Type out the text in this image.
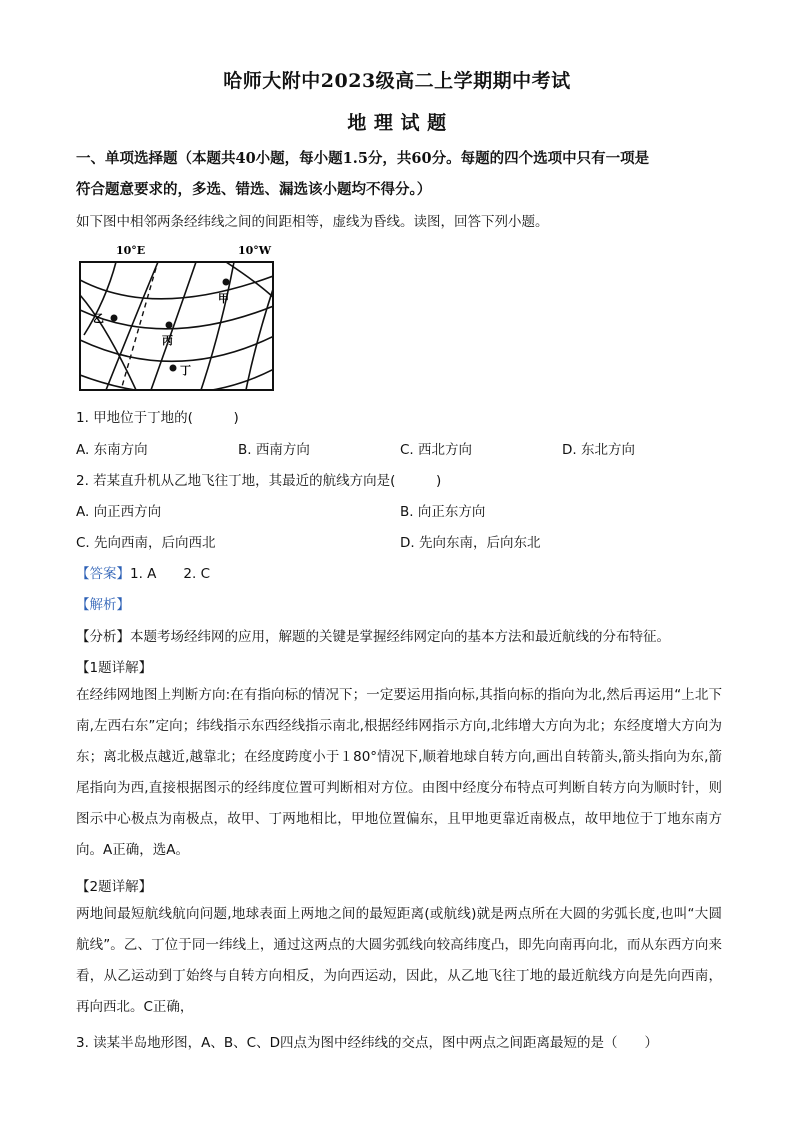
哈师大附中2023级高二上学期期中考试
地 理 试 题
一、单项选择题（本题共40小题，每小题1.5分，共60分。每题的四个选项中只有一项是
符合题意要求的，多选、错选、漏选该小题均不得分。）
如下图中相邻两条经纬线之间的间距相等，虚线为昏线。读图，回答下列小题。
10°E	10°W
甲
乙
丙
丁
1. 甲地位于丁地的(　　　)
A. 东南方向	B. 西南方向	C. 西北方向	D. 东北方向
2. 若某直升机从乙地飞往丁地，其最近的航线方向是(　　　)
A. 向正西方向	B. 向正东方向
C. 先向西南，后向西北	D. 先向东南，后向东北
【答案】1. A　　2. C
【解析】
【分析】本题考场经纬网的应用，解题的关键是掌握经纬网定向的基本方法和最近航线的分布特征。
【1题详解】
在经纬网地图上判断方向:在有指向标的情况下；一定要运用指向标,其指向标的指向为北,然后再运用“上北下南,左西右东”定向；纬线指示东西经线指示南北,根据经纬网指示方向,北纬增大方向为北；东经度增大方向为东；离北极点越近,越靠北；在经度跨度小于１80°情况下,顺着地球自转方向,画出自转箭头,箭头指向为东,箭尾指向为西,直接根据图示的经纬度位置可判断相对方位。由图中经度分布特点可判断自转方向为顺时针，则图示中心极点为南极点，故甲、丁两地相比，甲地位置偏东，且甲地更靠近南极点，故甲地位于丁地东南方向。A正确，选A。
【2题详解】
两地间最短航线航向问题,地球表面上两地之间的最短距离(或航线)就是两点所在大圆的劣弧长度,也叫“大圆航线”。乙、丁位于同一纬线上，通过这两点的大圆劣弧线向较高纬度凸，即先向南再向北，而从东西方向来看，从乙运动到丁始终与自转方向相反，为向西运动，因此，从乙地飞往丁地的最近航线方向是先向西南，再向西北。C正确，
3. 读某半岛地形图，A、B、C、D四点为图中经纬线的交点，图中两点之间距离最短的是（　　）
